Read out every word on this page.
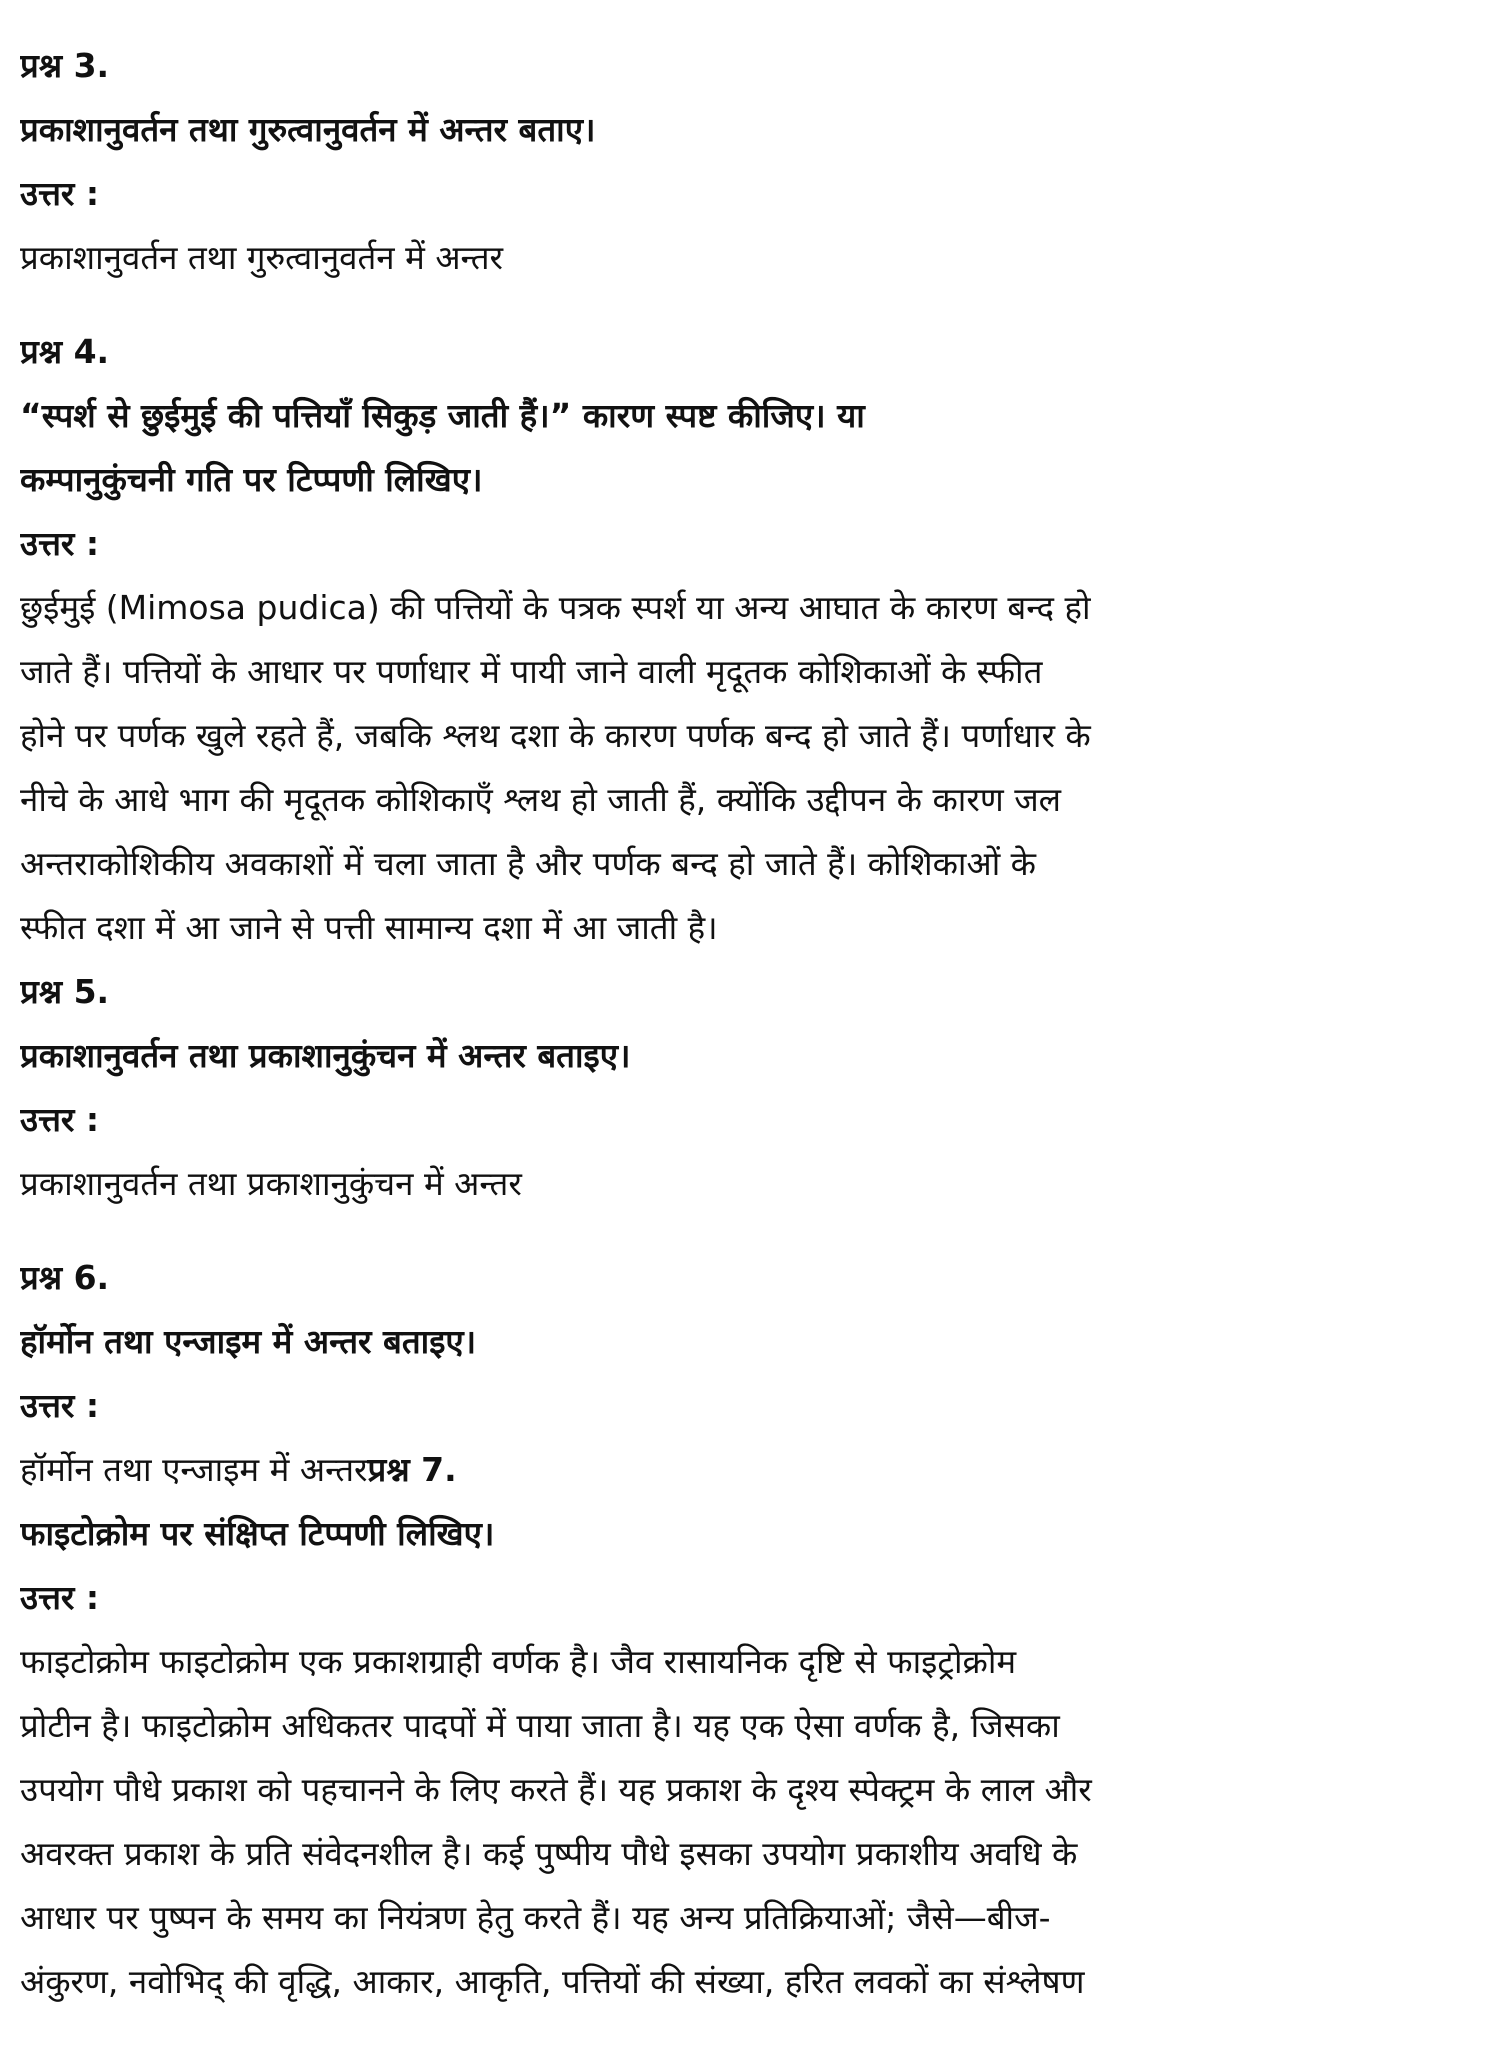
प्रश्न 3.
प्रकाशानुवर्तन तथा गुरुत्वानुवर्तन में अन्तर बताए।
उत्तर :
प्रकाशानुवर्तन तथा गुरुत्वानुवर्तन में अन्तर
प्रश्न 4.
“स्पर्श से छुईमुई की पत्तियाँ सिकुड़ जाती हैं।” कारण स्पष्ट कीजिए। या
कम्पानुकुंचनी गति पर टिप्पणी लिखिए।
उत्तर :
छुईमुई (Mimosa pudica) की पत्तियों के पत्रक स्पर्श या अन्य आघात के कारण बन्द हो
जाते हैं। पत्तियों के आधार पर पर्णाधार में पायी जाने वाली मृदूतक कोशिकाओं के स्फीत
होने पर पर्णक खुले रहते हैं, जबकि श्लथ दशा के कारण पर्णक बन्द हो जाते हैं। पर्णाधार के
नीचे के आधे भाग की मृदूतक कोशिकाएँ श्लथ हो जाती हैं, क्योंकि उद्दीपन के कारण जल
अन्तराकोशिकीय अवकाशों में चला जाता है और पर्णक बन्द हो जाते हैं। कोशिकाओं के
स्फीत दशा में आ जाने से पत्ती सामान्य दशा में आ जाती है।
प्रश्न 5.
प्रकाशानुवर्तन तथा प्रकाशानुकुंचन में अन्तर बताइए।
उत्तर :
प्रकाशानुवर्तन तथा प्रकाशानुकुंचन में अन्तर
प्रश्न 6.
हॉर्मोन तथा एन्जाइम में अन्तर बताइए।
उत्तर :
हॉर्मोन तथा एन्जाइम में अन्तरप्रश्न 7.
फाइटोक्रोम पर संक्षिप्त टिप्पणी लिखिए।
उत्तर :
फाइटोक्रोम फाइटोक्रोम एक प्रकाशग्राही वर्णक है। जैव रासायनिक दृष्टि से फाइट्रोक्रोम
प्रोटीन है। फाइटोक्रोम अधिकतर पादपों में पाया जाता है। यह एक ऐसा वर्णक है, जिसका
उपयोग पौधे प्रकाश को पहचानने के लिए करते हैं। यह प्रकाश के दृश्य स्पेक्ट्रम के लाल और
अवरक्त प्रकाश के प्रति संवेदनशील है। कई पुष्पीय पौधे इसका उपयोग प्रकाशीय अवधि के
आधार पर पुष्पन के समय का नियंत्रण हेतु करते हैं। यह अन्य प्रतिक्रियाओं; जैसे—बीज-
अंकुरण, नवोभिद् की वृद्धि, आकार, आकृति, पत्तियों की संख्या, हरित लवकों का संश्लेषण
